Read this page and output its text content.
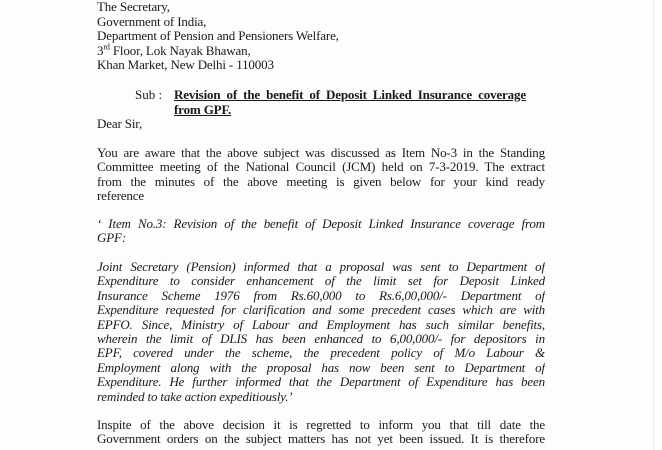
The Secretary,
Government of India,
Department of Pension and Pensioners Welfare,
3rd Floor, Lok Nayak Bhawan,
Khan Market, New Delhi - 110003
Sub : Revision of the benefit of Deposit Linked Insurance coverage
from GPF.
Dear Sir,
You are aware that the above subject was discussed as Item No-3 in the Standing
Committee meeting of the National Council (JCM) held on 7-3-2019. The extract
from the minutes of the above meeting is given below for your kind ready
reference
‘ Item No.3: Revision of the benefit of Deposit Linked Insurance coverage from
GPF:
Joint Secretary (Pension) informed that a proposal was sent to Department of
Expenditure to consider enhancement of the limit set for Deposit Linked
Insurance Scheme 1976 from Rs.60,000 to Rs.6,00,000/- Department of
Expenditure requested for clarification and some precedent cases which are with
EPFO. Since, Ministry of Labour and Employment has such similar benefits,
wherein the limit of DLIS has been enhanced to 6,00,000/- for depositors in
EPF, covered under the scheme, the precedent policy of M/o Labour &
Employment along with the proposal has now been sent to Department of
Expenditure. He further informed that the Department of Expenditure has been
reminded to take action expeditiously.’
Inspite of the above decision it is regretted to inform you that till date the
Government orders on the subject matters has not yet been issued. It is therefore
